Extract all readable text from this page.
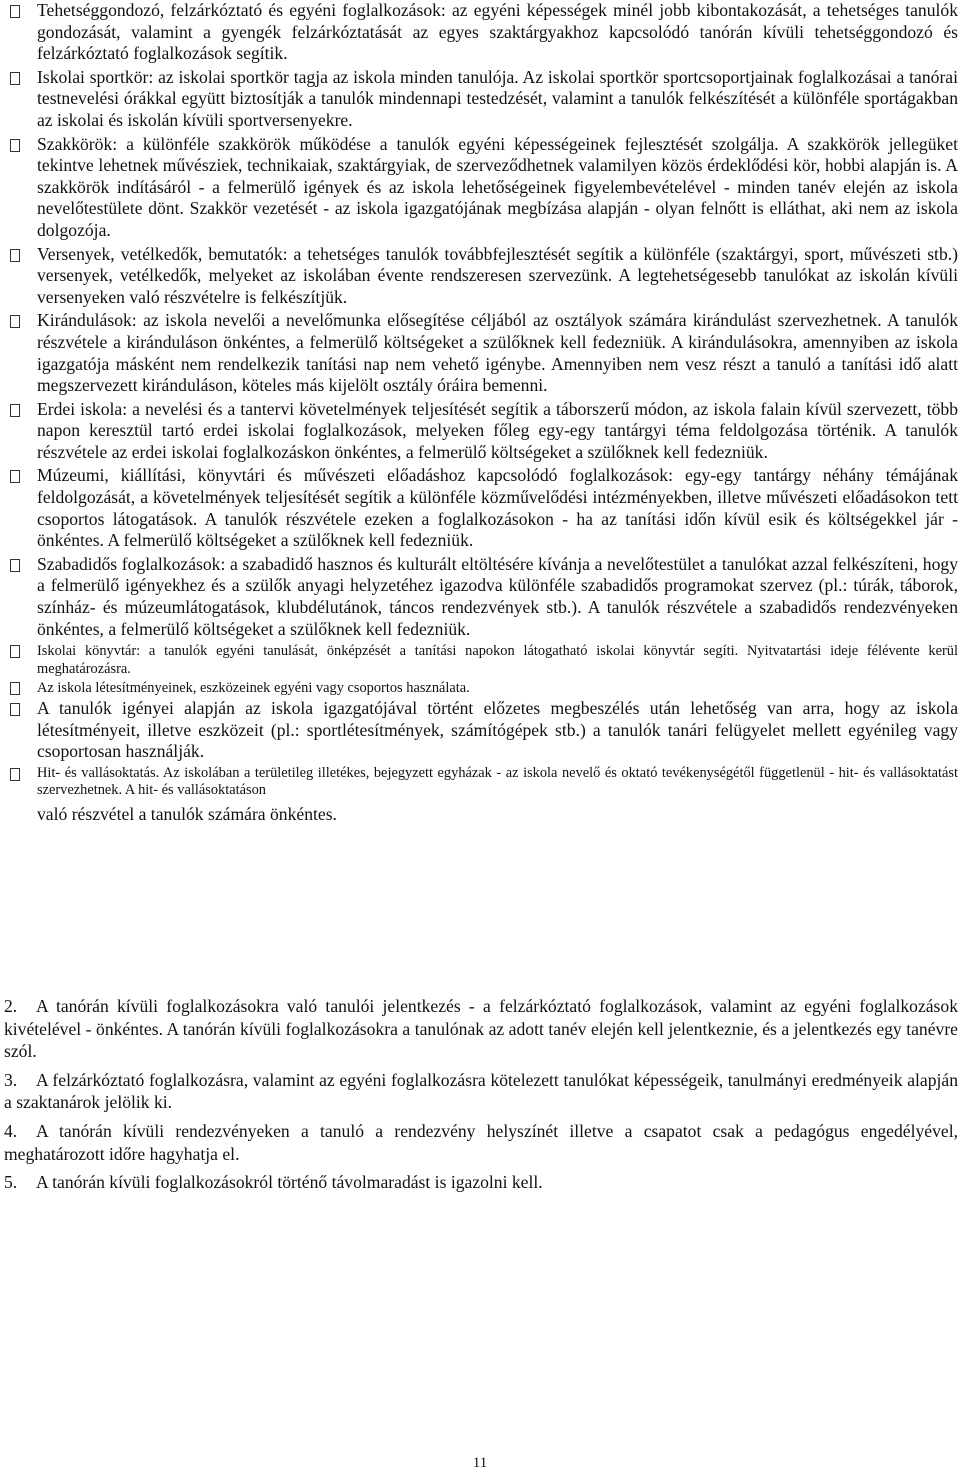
Tehetséggondozó, felzárkóztató és egyéni foglalkozások: az egyéni képességek minél jobb kibontakozását, a tehetséges tanulók gondozását, valamint a gyengék felzárkóztatását az egyes szaktárgyakhoz kapcsolódó tanórán kívüli tehetséggondozó és felzárkóztató foglalkozások segítik.
Iskolai sportkör: az iskolai sportkör tagja az iskola minden tanulója. Az iskolai sportkör sportcsoportjainak foglalkozásai a tanórai testnevelési órákkal együtt biztosítják a tanulók mindennapi testedzését, valamint a tanulók felkészítését a különféle sportágakban az iskolai és iskolán kívüli sportversenyekre.
Szakkörök: a különféle szakkörök működése a tanulók egyéni képességeinek fejlesztését szolgálja. A szakkörök jellegüket tekintve lehetnek művésziek, technikaiak, szaktárgyiak, de szerveződhetnek valamilyen közös érdeklődési kör, hobbi alapján is. A szakkörök indításáról - a felmerülő igények és az iskola lehetőségeinek figyelembevételével - minden tanév elején az iskola nevelőtestülete dönt. Szakkör vezetését - az iskola igazgatójának megbízása alapján - olyan felnőtt is elláthat, aki nem az iskola dolgozója.
Versenyek, vetélkedők, bemutatók: a tehetséges tanulók továbbfejlesztését segítik a különféle (szaktárgyi, sport, művészeti stb.) versenyek, vetélkedők, melyeket az iskolában évente rendszeresen szervezünk. A legtehetségesebb tanulókat az iskolán kívüli versenyeken való részvételre is felkészítjük.
Kirándulások: az iskola nevelői a nevelőmunka elősegítése céljából az osztályok számára kirándulást szervezhetnek. A tanulók részvétele a kiránduláson önkéntes, a felmerülő költségeket a szülőknek kell fedezniük. A kirándulásokra, amennyiben az iskola igazgatója másként nem rendelkezik tanítási nap nem vehető igénybe. Amennyiben nem vesz részt a tanuló a tanítási idő alatt megszervezett kiránduláson, köteles más kijelölt osztály óráira bemenni.
Erdei iskola: a nevelési és a tantervi követelmények teljesítését segítik a táborszerű módon, az iskola falain kívül szervezett, több napon keresztül tartó erdei iskolai foglalkozások, melyeken főleg egy-egy tantárgyi téma feldolgozása történik. A tanulók részvétele az erdei iskolai foglalkozáskon önkéntes, a felmerülő költségeket a szülőknek kell fedezniük.
Múzeumi, kiállítási, könyvtári és művészeti előadáshoz kapcsolódó foglalkozások: egy-egy tantárgy néhány témájának feldolgozását, a követelmények teljesítését segítik a különféle közművelődési intézményekben, illetve művészeti előadásokon tett csoportos látogatások. A tanulók részvétele ezeken a foglalkozásokon - ha az tanítási időn kívül esik és költségekkel jár - önkéntes. A felmerülő költségeket a szülőknek kell fedezniük.
Szabadidős foglalkozások: a szabadidő hasznos és kulturált eltöltésére kívánja a nevelőtestület a tanulókat azzal felkészíteni, hogy a felmerülő igényekhez és a szülők anyagi helyzetéhez igazodva különféle szabadidős programokat szervez (pl.: túrák, táborok, színház- és múzeumlátogatások, klubdélutánok, táncos rendezvények stb.). A tanulók részvétele a szabadidős rendezvényeken önkéntes, a felmerülő költségeket a szülőknek kell fedezniük.
Iskolai könyvtár: a tanulók egyéni tanulását, önképzését a tanítási napokon látogatható iskolai könyvtár segíti. Nyitvatartási ideje félévente kerül meghatározásra.
Az iskola létesítményeinek, eszközeinek egyéni vagy csoportos használata.
A tanulók igényei alapján az iskola igazgatójával történt előzetes megbeszélés után lehetőség van arra, hogy az iskola létesítményeit, illetve eszközeit (pl.: sportlétesítmények, számítógépek stb.) a tanulók tanári felügyelet mellett egyénileg vagy csoportosan használják.
Hit- és vallásoktatás. Az iskolában a területileg illetékes, bejegyzett egyházak - az iskola nevelő és oktató tevékenységétől függetlenül - hit- és vallásoktatást szervezhetnek. A hit- és vallásoktatáson
való részvétel a tanulók számára önkéntes.
2. A tanórán kívüli foglalkozásokra való tanulói jelentkezés - a felzárkóztató foglalkozások, valamint az egyéni foglalkozások kivételével - önkéntes. A tanórán kívüli foglalkozásokra a tanulónak az adott tanév elején kell jelentkeznie, és a jelentkezés egy tanévre szól.
3. A felzárkóztató foglalkozásra, valamint az egyéni foglalkozásra kötelezett tanulókat képességeik, tanulmányi eredményeik alapján a szaktanárok jelölik ki.
4. A tanórán kívüli rendezvényeken a tanuló a rendezvény helyszínét illetve a csapatot csak a pedagógus engedélyével, meghatározott időre hagyhatja el.
5. A tanórán kívüli foglalkozásokról történő távolmaradást is igazolni kell.
11
